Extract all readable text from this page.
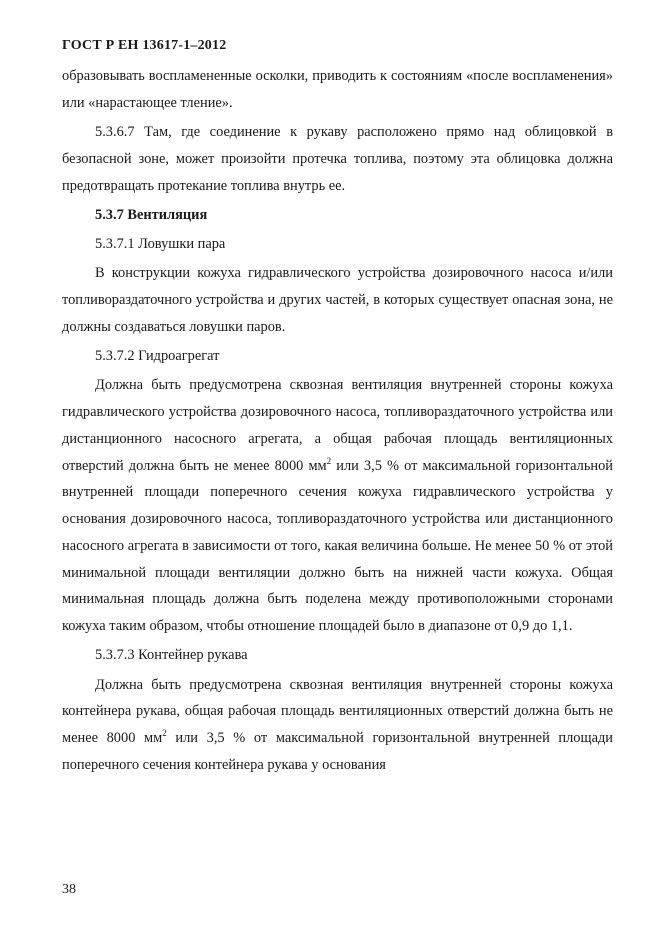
ГОСТ Р ЕН 13617-1–2012

образовывать воспламененные осколки, приводить к состояниям «после воспламенения» или «нарастающее тление».

5.3.6.7 Там, где соединение к рукаву расположено прямо над облицовкой в безопасной зоне, может произойти протечка топлива, поэтому эта облицовка должна предотвращать протекание топлива внутрь ее.

5.3.7 Вентиляция

5.3.7.1 Ловушки пара

В конструкции кожуха гидравлического устройства дозировочного насоса и/или топливораздаточного устройства и других частей, в которых существует опасная зона, не должны создаваться ловушки паров.

5.3.7.2 Гидроагрегат

Должна быть предусмотрена сквозная вентиляция внутренней стороны кожуха гидравлического устройства дозировочного насоса, топливораздаточного устройства или дистанционного насосного агрегата, а общая рабочая площадь вентиляционных отверстий должна быть не менее 8000 $мм^2$ или 3,5 % от максимальной горизонтальной внутренней площади поперечного сечения кожуха гидравлического устройства у основания дозировочного насоса, топливораздаточного устройства или дистанционного насосного агрегата в зависимости от того, какая величина больше. Не менее 50 % от этой минимальной площади вентиляции должно быть на нижней части кожуха. Общая минимальная площадь должна быть поделена между противоположными сторонами кожуха таким образом, чтобы отношение площадей было в диапазоне от 0,9 до 1,1.

5.3.7.3 Контейнер рукава

Должна быть предусмотрена сквозная вентиляция внутренней стороны кожуха контейнера рукава, общая рабочая площадь вентиляционных отверстий должна быть не менее 8000 $мм^2$ или 3,5 % от максимальной горизонтальной внутренней площади поперечного сечения контейнера рукава у основания

38
